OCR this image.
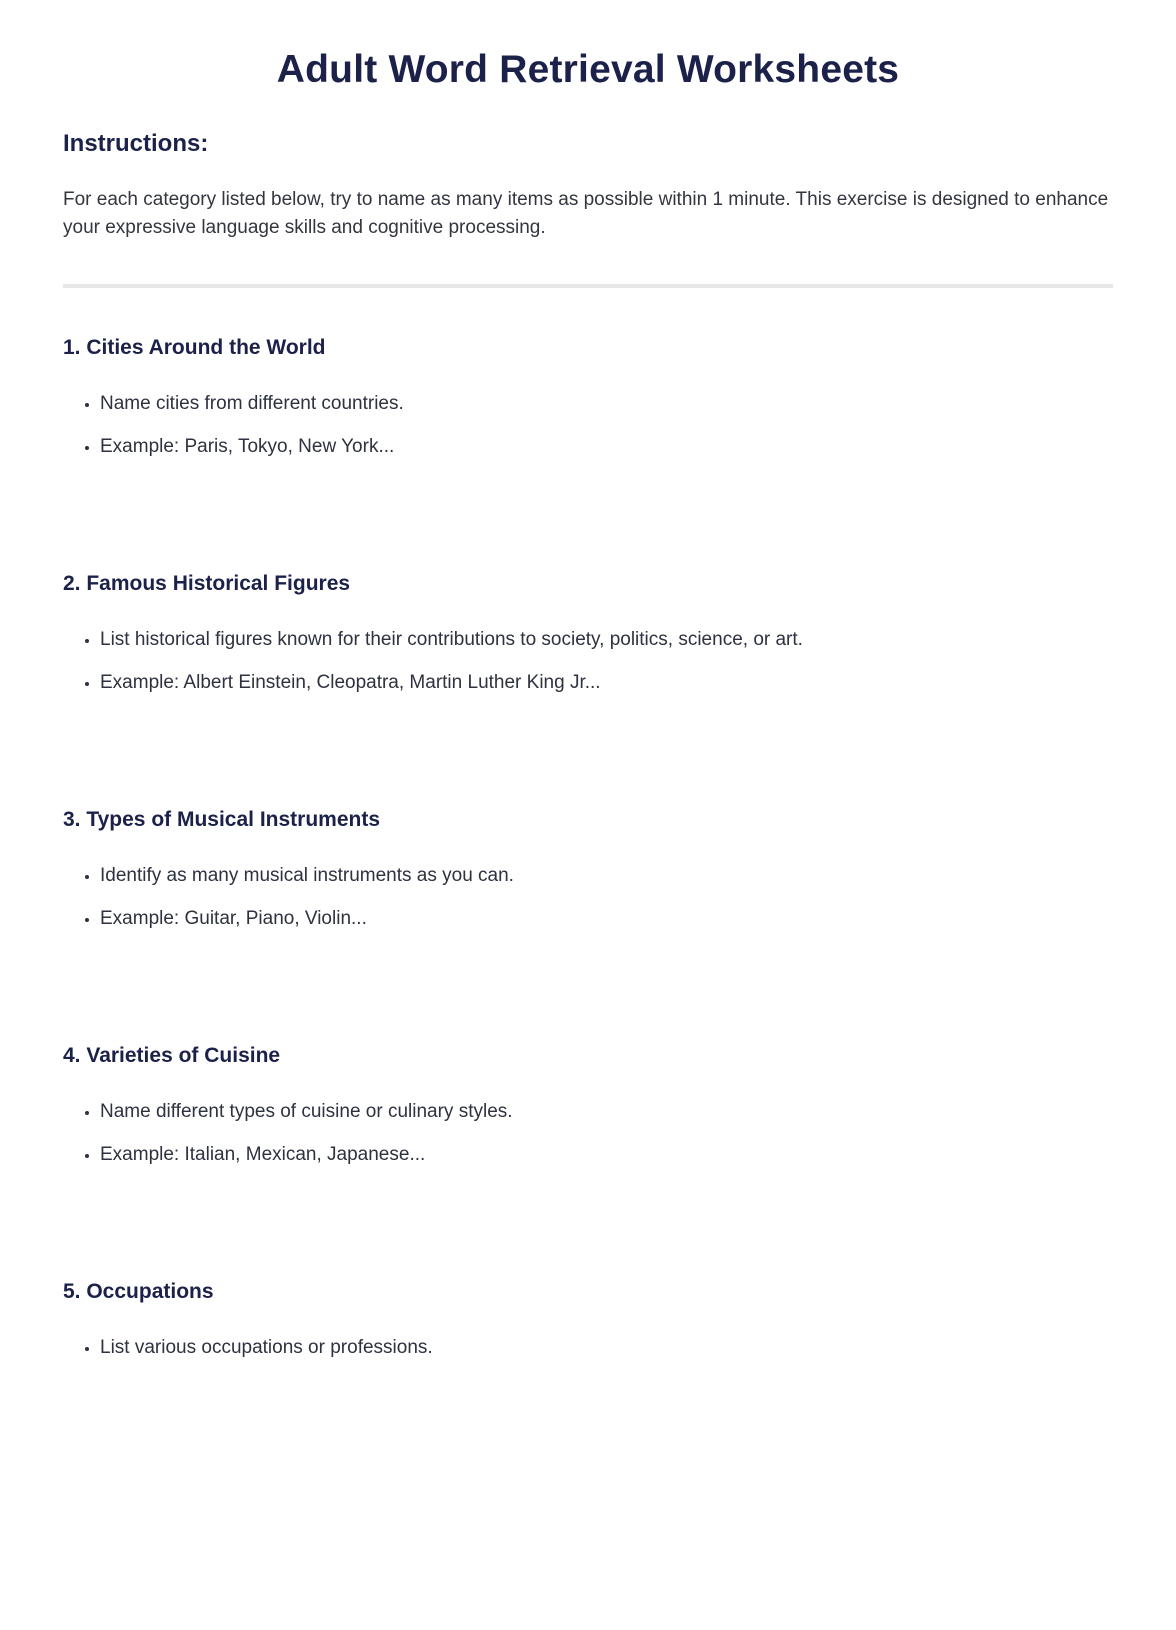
Adult Word Retrieval Worksheets
Instructions:

For each category listed below, try to name as many items as possible within 1 minute. This exercise is designed to enhance your expressive language skills and cognitive processing.

1. Cities Around the World
• Name cities from different countries.
• Example: Paris, Tokyo, New York...
2. Famous Historical Figures
• List historical figures known for their contributions to society, politics, science, or art.
• Example: Albert Einstein, Cleopatra, Martin Luther King Jr...
3. Types of Musical Instruments
• Identify as many musical instruments as you can.
• Example: Guitar, Piano, Violin...
4. Varieties of Cuisine
• Name different types of cuisine or culinary styles.
• Example: Italian, Mexican, Japanese...
5. Occupations
• List various occupations or professions.
